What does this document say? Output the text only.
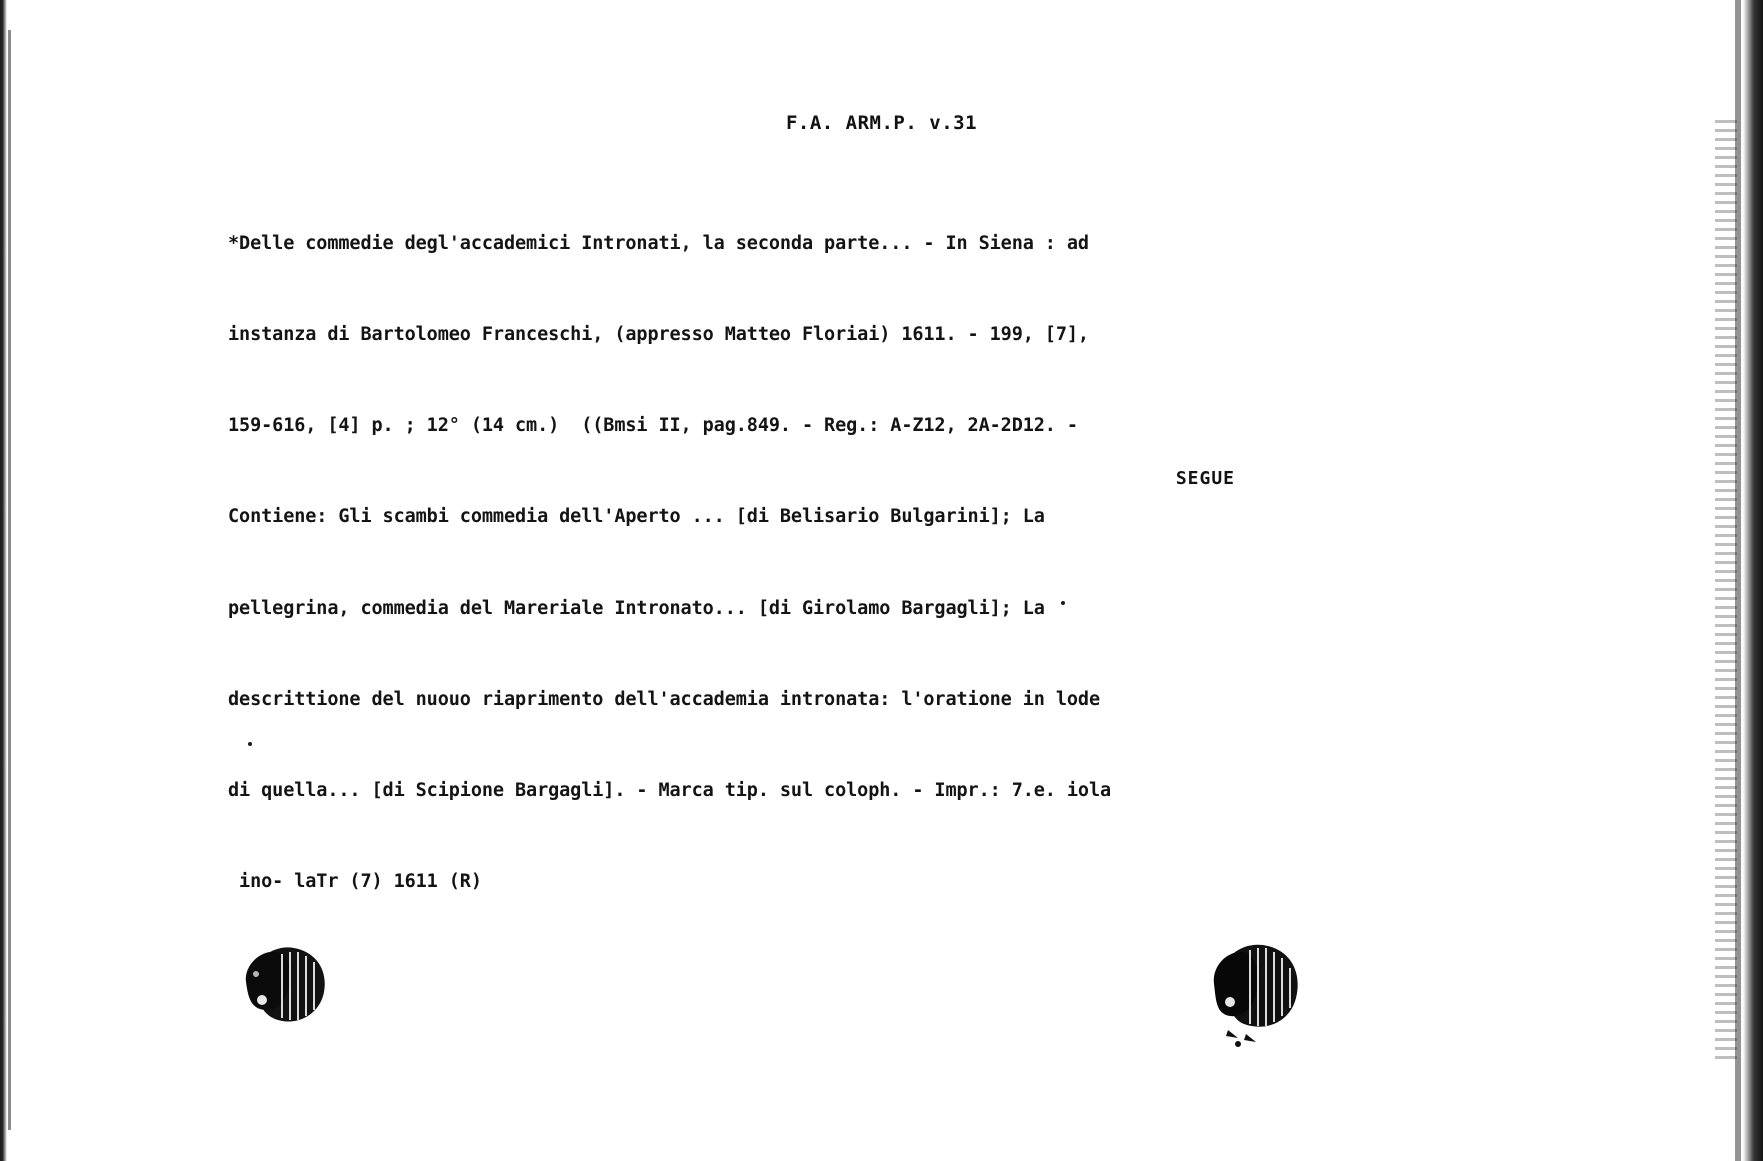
F.A. ARM.P. v.31

*Delle commedie degl'accademici Intronati, la seconda parte... - In Siena : ad

instanza di Bartolomeo Franceschi, (appresso Matteo Floriai) 1611. - 199, [7],

159-616, [4] p. ; 12° (14 cm.)  ((Bmsi II, pag.849. - Reg.: A-Z12, 2A-2D12. -

Contiene: Gli scambi commedia dell'Aperto ... [di Belisario Bulgarini]; La

pellegrina, commedia del Mareriale Intronato... [di Girolamo Bargagli]; La

descrittione del nuouo riaprimento dell'accademia intronata: l'oratione in lode

di quella... [di Scipione Bargagli]. - Marca tip. sul coloph. - Impr.: 7.e. iola

ino- laTr (7) 1611 (R)

SEGUE
